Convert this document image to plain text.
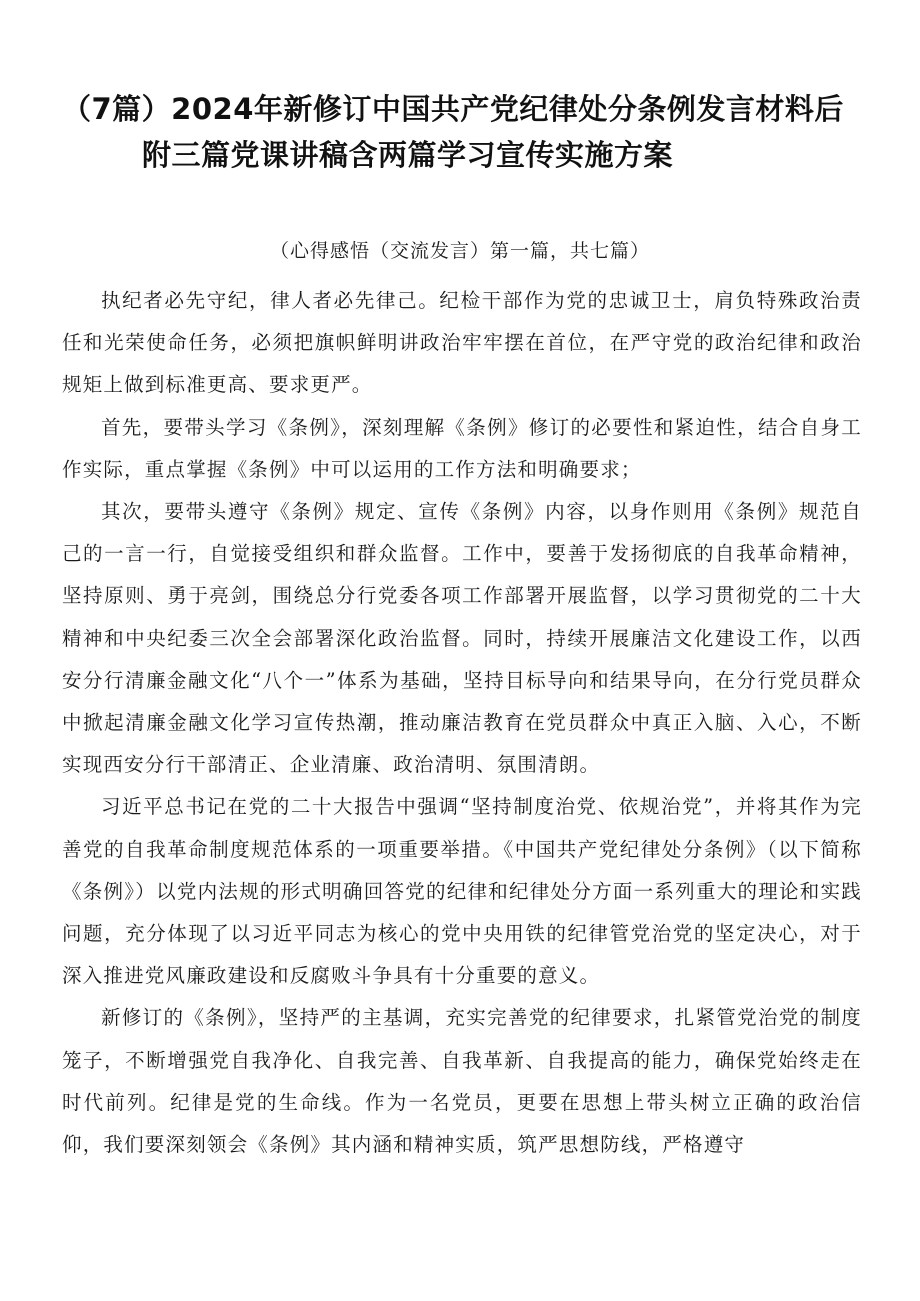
（7篇）2024年新修订中国共产党纪律处分条例发言材料后
附三篇党课讲稿含两篇学习宣传实施方案
（心得感悟（交流发言）第一篇，共七篇）

执纪者必先守纪，律人者必先律己。纪检干部作为党的忠诚卫士，肩负特殊政治责任和光荣使命任务，必须把旗帜鲜明讲政治牢牢摆在首位，在严守党的政治纪律和政治规矩上做到标准更高、要求更严。

首先，要带头学习《条例》，深刻理解《条例》修订的必要性和紧迫性，结合自身工作实际，重点掌握《条例》中可以运用的工作方法和明确要求；

其次，要带头遵守《条例》规定、宣传《条例》内容，以身作则用《条例》规范自己的一言一行，自觉接受组织和群众监督。工作中，要善于发扬彻底的自我革命精神，坚持原则、勇于亮剑，围绕总分行党委各项工作部署开展监督，以学习贯彻党的二十大精神和中央纪委三次全会部署深化政治监督。同时，持续开展廉洁文化建设工作，以西安分行清廉金融文化“八个一”体系为基础，坚持目标导向和结果导向，在分行党员群众中掀起清廉金融文化学习宣传热潮，推动廉洁教育在党员群众中真正入脑、入心，不断实现西安分行干部清正、企业清廉、政治清明、氛围清朗。

习近平总书记在党的二十大报告中强调“坚持制度治党、依规治党”，并将其作为完善党的自我革命制度规范体系的一项重要举措。《中国共产党纪律处分条例》（以下简称《条例》）以党内法规的形式明确回答党的纪律和纪律处分方面一系列重大的理论和实践问题，充分体现了以习近平同志为核心的党中央用铁的纪律管党治党的坚定决心，对于深入推进党风廉政建设和反腐败斗争具有十分重要的意义。

新修订的《条例》，坚持严的主基调，充实完善党的纪律要求，扎紧管党治党的制度笼子，不断增强党自我净化、自我完善、自我革新、自我提高的能力，确保党始终走在时代前列。纪律是党的生命线。作为一名党员，更要在思想上带头树立正确的政治信仰，我们要深刻领会《条例》其内涵和精神实质，筑严思想防线，严格遵守
